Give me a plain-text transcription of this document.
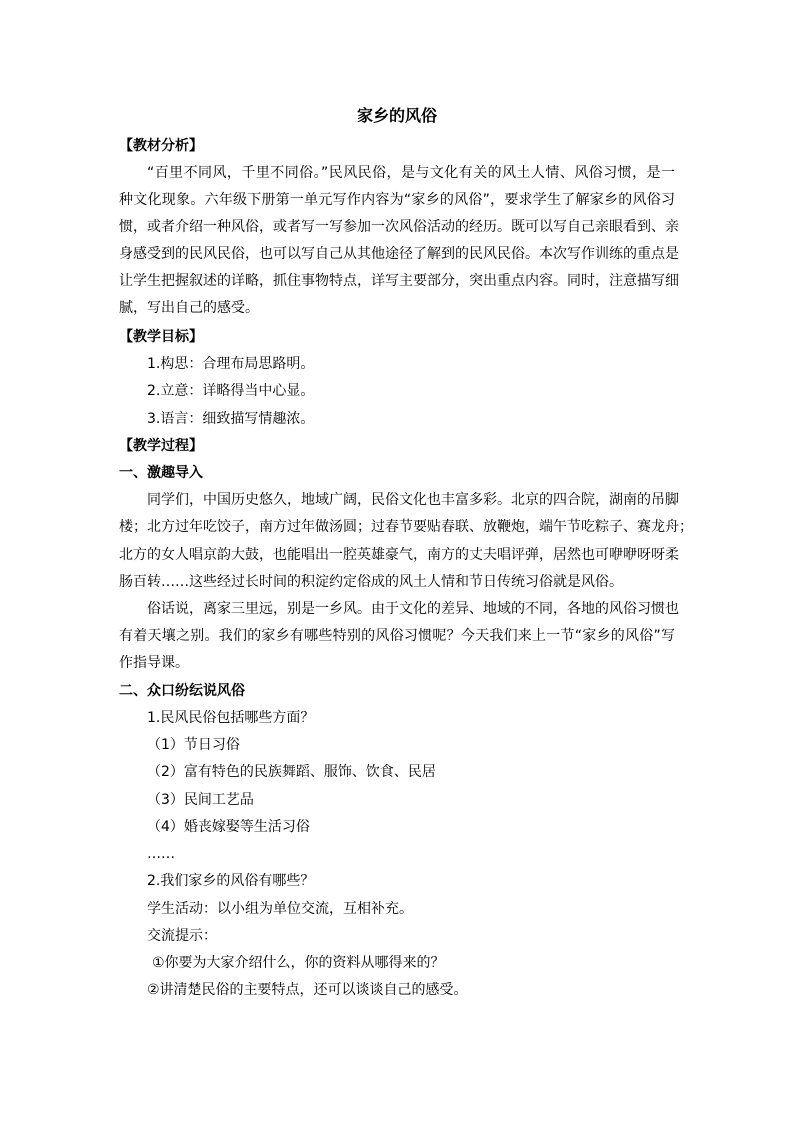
家乡的风俗
【教材分析】
“百里不同风，千里不同俗。”民风民俗，是与文化有关的风土人情、风俗习惯，是一
种文化现象。六年级下册第一单元写作内容为“家乡的风俗”，要求学生了解家乡的风俗习
惯，或者介绍一种风俗，或者写一写参加一次风俗活动的经历。既可以写自己亲眼看到、亲
身感受到的民风民俗，也可以写自己从其他途径了解到的民风民俗。本次写作训练的重点是
让学生把握叙述的详略，抓住事物特点，详写主要部分，突出重点内容。同时，注意描写细
腻，写出自己的感受。
【教学目标】
1.构思：合理布局思路明。
2.立意：详略得当中心显。
3.语言：细致描写情趣浓。
【教学过程】
一、激趣导入
同学们，中国历史悠久，地域广阔，民俗文化也丰富多彩。北京的四合院，湖南的吊脚
楼；北方过年吃饺子，南方过年做汤圆；过春节要贴春联、放鞭炮，端午节吃粽子、赛龙舟；
北方的女人唱京韵大鼓，也能唱出一腔英雄豪气，南方的丈夫唱评弹，居然也可咿咿呀呀柔
肠百转……这些经过长时间的积淀约定俗成的风土人情和节日传统习俗就是风俗。
俗话说，离家三里远，别是一乡风。由于文化的差异、地域的不同，各地的风俗习惯也
有着天壤之别。我们的家乡有哪些特别的风俗习惯呢？今天我们来上一节“家乡的风俗”写
作指导课。
二、众口纷纭说风俗
1.民风民俗包括哪些方面？
（1）节日习俗
（2）富有特色的民族舞蹈、服饰、饮食、民居
（3）民间工艺品
（4）婚丧嫁娶等生活习俗
……
2.我们家乡的风俗有哪些？
学生活动：以小组为单位交流，互相补充。
交流提示：
①你要为大家介绍什么，你的资料从哪得来的？
②讲清楚民俗的主要特点，还可以谈谈自己的感受。
